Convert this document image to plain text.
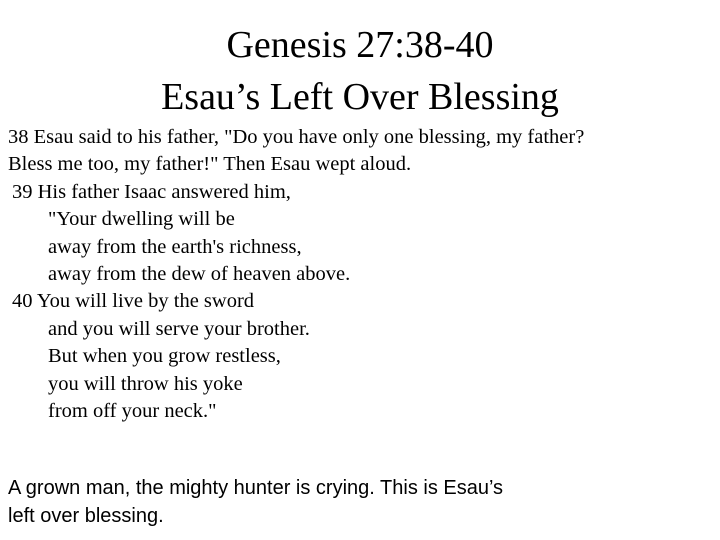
Genesis 27:38-40
Esau’s Left Over Blessing
38 Esau said to his father, "Do you have only one blessing, my father?
Bless me too, my father!" Then Esau wept aloud.
39 His father Isaac answered him,
"Your dwelling will be
away from the earth's richness,
away from the dew of heaven above.
40 You will live by the sword
and you will serve your brother.
But when you grow restless,
you will throw his yoke
from off your neck."
A grown man, the mighty hunter is crying. This is Esau’s
left over blessing.
